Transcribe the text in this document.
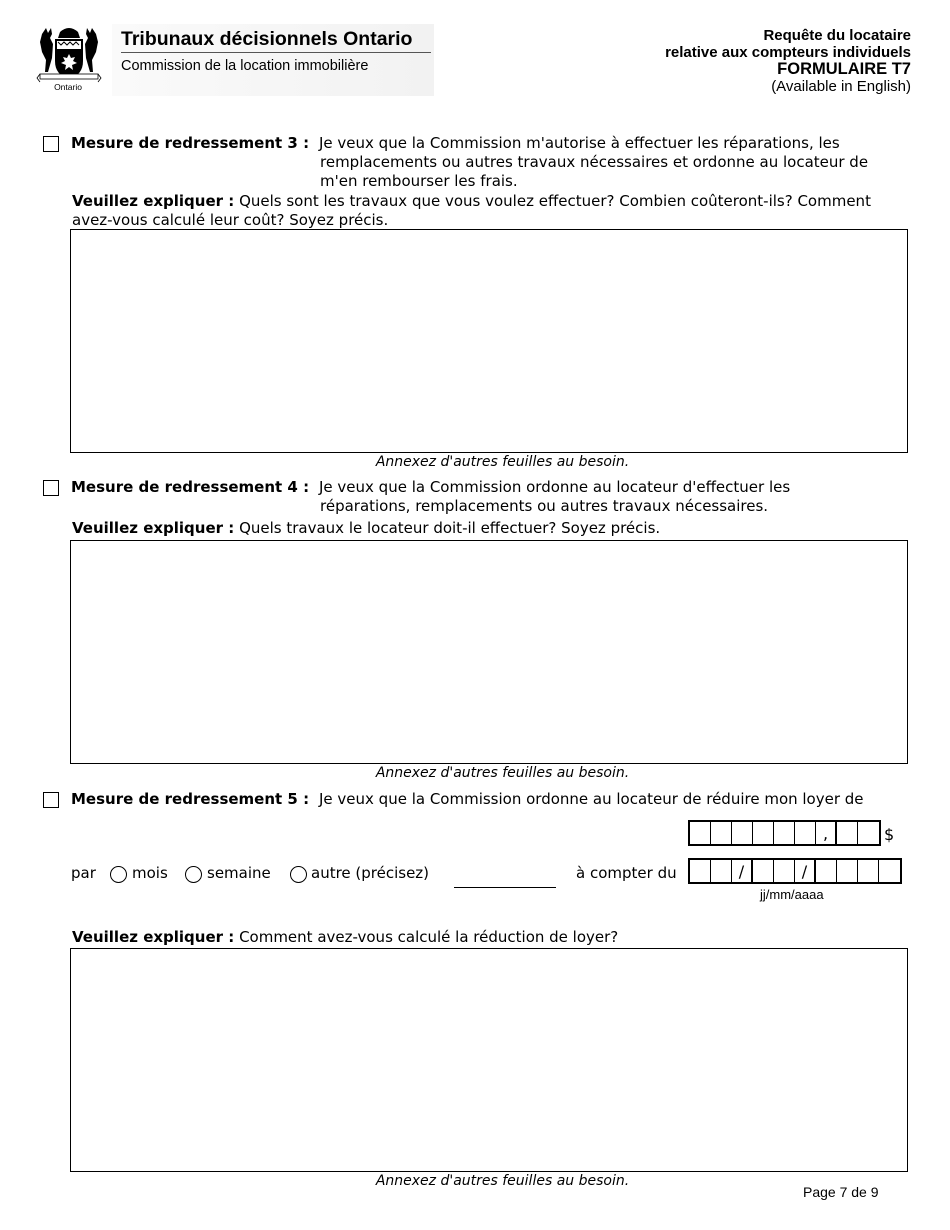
Ontario
Tribunaux décisionnels Ontario
Commission de la location immobilière
Requête du locataire
relative aux compteurs individuels
FORMULAIRE T7
(Available in English)
Mesure de redressement 3 : Je veux que la Commission m'autorise à effectuer les réparations, les
remplacements ou autres travaux nécessaires et ordonne au locateur de
m'en rembourser les frais.
Veuillez expliquer : Quels sont les travaux que vous voulez effectuer? Combien coûteront-ils? Comment
avez-vous calculé leur coût? Soyez précis.
Annexez d'autres feuilles au besoin.
Mesure de redressement 4 : Je veux que la Commission ordonne au locateur d'effectuer les
réparations, remplacements ou autres travaux nécessaires.
Veuillez expliquer : Quels travaux le locateur doit-il effectuer? Soyez précis.
Annexez d'autres feuilles au besoin.
Mesure de redressement 5 : Je veux que la Commission ordonne au locateur de réduire mon loyer de
,	$
par mois	semaine	autre (précisez)	à compter du	/	/
jj/mm/aaaa
Veuillez expliquer : Comment avez-vous calculé la réduction de loyer?
Annexez d'autres feuilles au besoin.
Page 7 de 9
